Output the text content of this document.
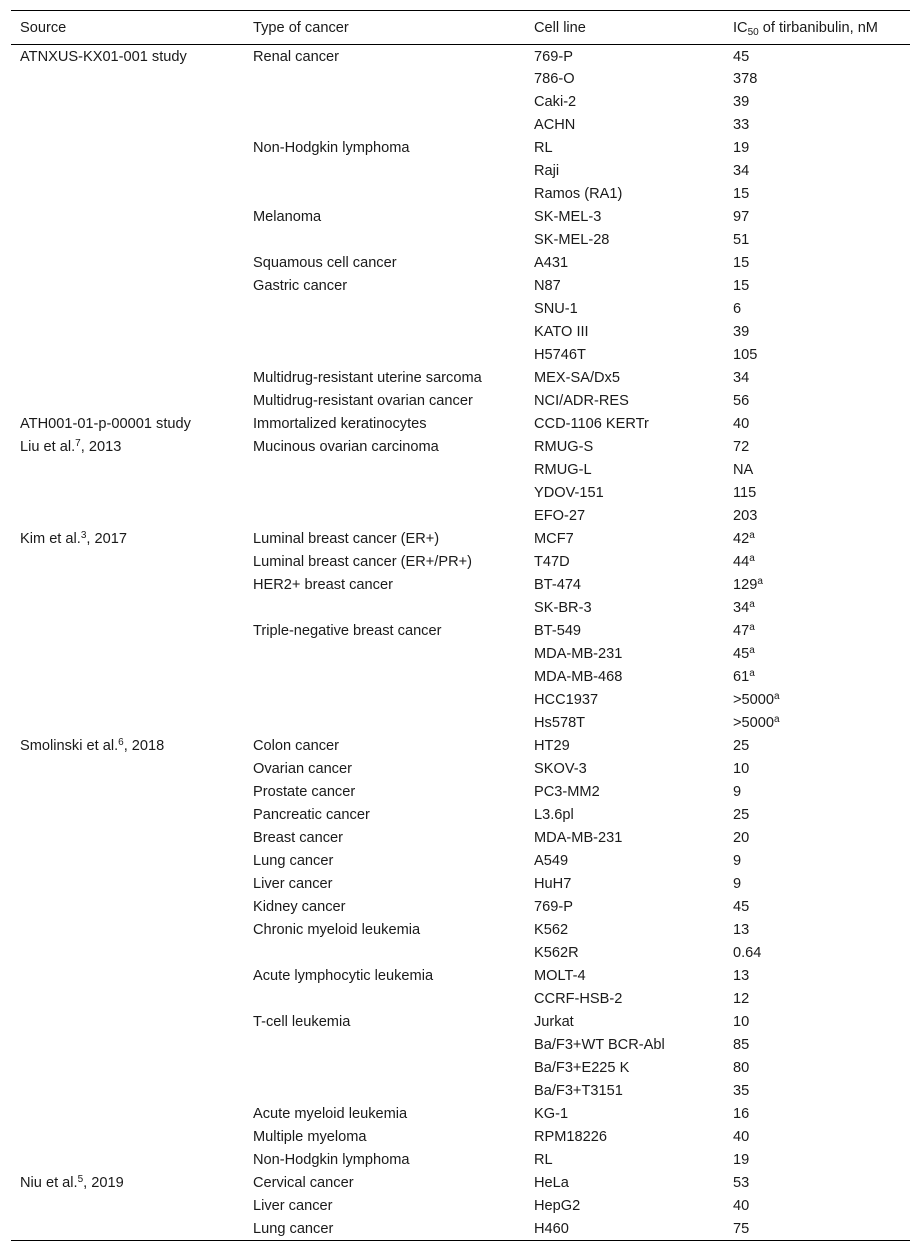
Source	Type of cancer	Cell line	$IC_{50}$ of tirbanibulin, nM
ATNXUS-KX01-001 study	Renal cancer	769-P	45
		786-O	378
		Caki-2	39
		ACHN	33
	Non-Hodgkin lymphoma	RL	19
		Raji	34
		Ramos (RA1)	15
	Melanoma	SK-MEL-3	97
		SK-MEL-28	51
	Squamous cell cancer	A431	15
	Gastric cancer	N87	15
		SNU-1	6
		KATO III	39
		H5746T	105
	Multidrug-resistant uterine sarcoma	MEX-SA/Dx5	34
	Multidrug-resistant ovarian cancer	NCI/ADR-RES	56
ATH001-01-p-00001 study	Immortalized keratinocytes	CCD-1106 KERTr	40
Liu et al.$^7$, 2013	Mucinous ovarian carcinoma	RMUG-S	72
		RMUG-L	NA
		YDOV-151	115
		EFO-27	203
Kim et al.$^3$, 2017	Luminal breast cancer (ER+)	MCF7	42$^a$
	Luminal breast cancer (ER+/PR+)	T47D	44$^a$
	HER2+ breast cancer	BT-474	129$^a$
		SK-BR-3	34$^a$
	Triple-negative breast cancer	BT-549	47$^a$
		MDA-MB-231	45$^a$
		MDA-MB-468	61$^a$
		HCC1937	$>5000^a$
		Hs578T	$>5000^a$
Smolinski et al.$^6$, 2018	Colon cancer	HT29	25
	Ovarian cancer	SKOV-3	10
	Prostate cancer	PC3-MM2	9
	Pancreatic cancer	L3.6pl	25
	Breast cancer	MDA-MB-231	20
	Lung cancer	A549	9
	Liver cancer	HuH7	9
	Kidney cancer	769-P	45
	Chronic myeloid leukemia	K562	13
		K562R	0.64
	Acute lymphocytic leukemia	MOLT-4	13
		CCRF-HSB-2	12
	T-cell leukemia	Jurkat	10
		Ba/F3+WT BCR-Abl	85
		Ba/F3+E225 K	80
		Ba/F3+T3151	35
	Acute myeloid leukemia	KG-1	16
	Multiple myeloma	RPM18226	40
	Non-Hodgkin lymphoma	RL	19
Niu et al.$^5$, 2019	Cervical cancer	HeLa	53
	Liver cancer	HepG2	40
	Lung cancer	H460	75
